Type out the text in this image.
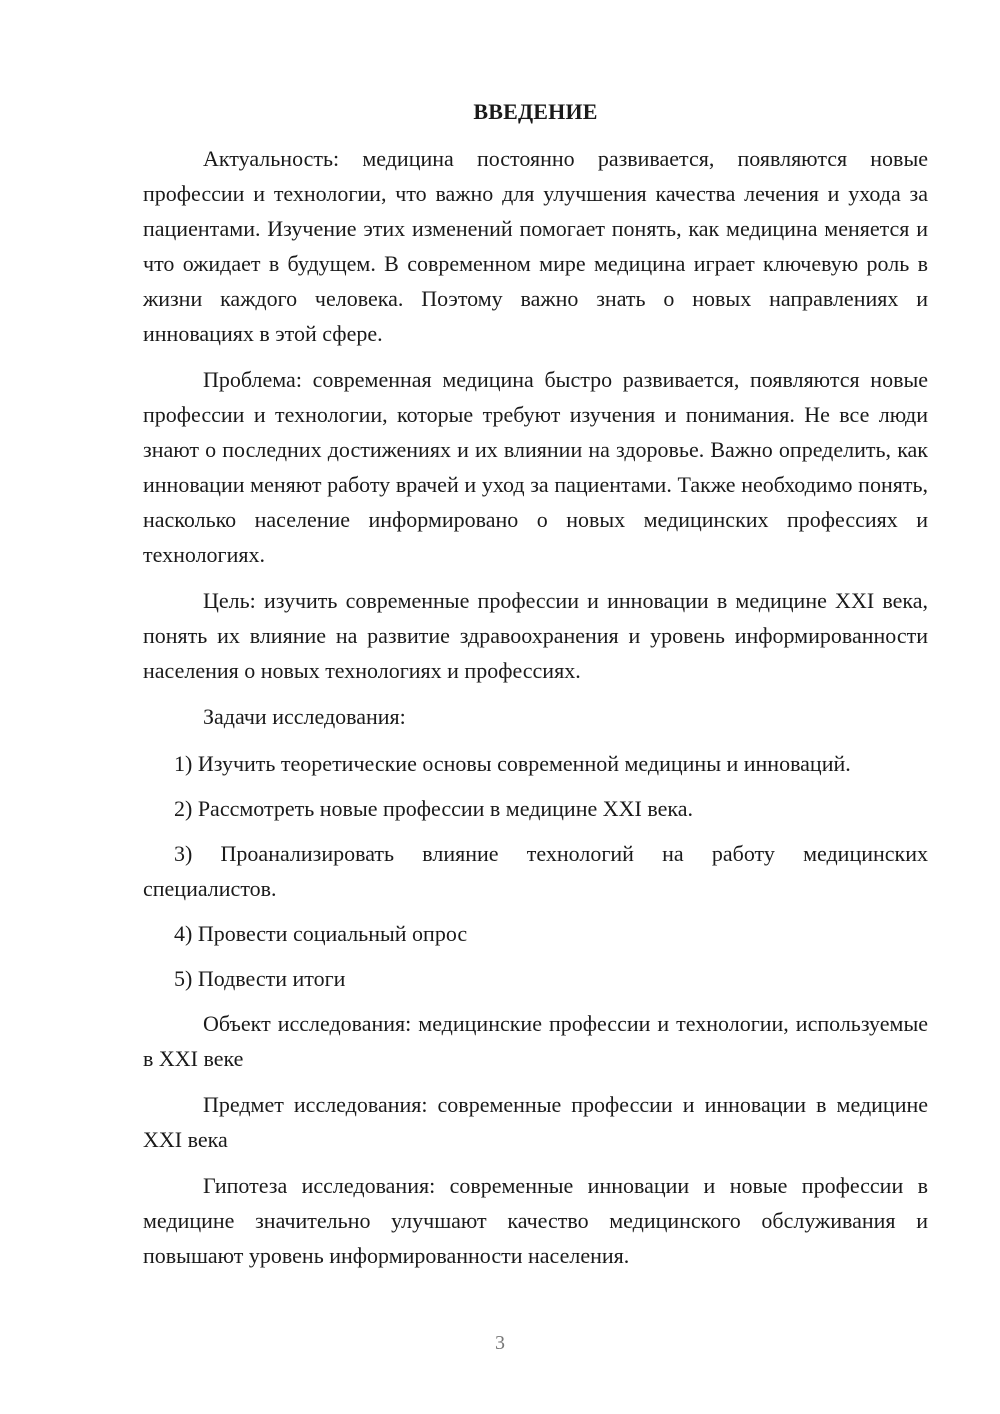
ВВЕДЕНИЕ

Актуальность: медицина постоянно развивается, появляются новые профессии и технологии, что важно для улучшения качества лечения и ухода за пациентами. Изучение этих изменений помогает понять, как медицина меняется и что ожидает в будущем. В современном мире медицина играет ключевую роль в жизни каждого человека. Поэтому важно знать о новых направлениях и инновациях в этой сфере.

Проблема: современная медицина быстро развивается, появляются новые профессии и технологии, которые требуют изучения и понимания. Не все люди знают о последних достижениях и их влиянии на здоровье. Важно определить, как инновации меняют работу врачей и уход за пациентами. Также необходимо понять, насколько население информировано о новых медицинских профессиях и технологиях.

Цель: изучить современные профессии и инновации в медицине XXI века, понять их влияние на развитие здравоохранения и уровень информированности населения о новых технологиях и профессиях.

Задачи исследования:

1) Изучить теоретические основы современной медицины и инноваций.

2) Рассмотреть новые профессии в медицине XXI века.

3) Проанализировать влияние технологий на работу медицинских специалистов.

4) Провести социальный опрос

5) Подвести итоги

Объект исследования: медицинские профессии и технологии, используемые в XXI веке

Предмет исследования: современные профессии и инновации в медицине XXI века

Гипотеза исследования: современные инновации и новые профессии в медицине значительно улучшают качество медицинского обслуживания и повышают уровень информированности населения.

3
